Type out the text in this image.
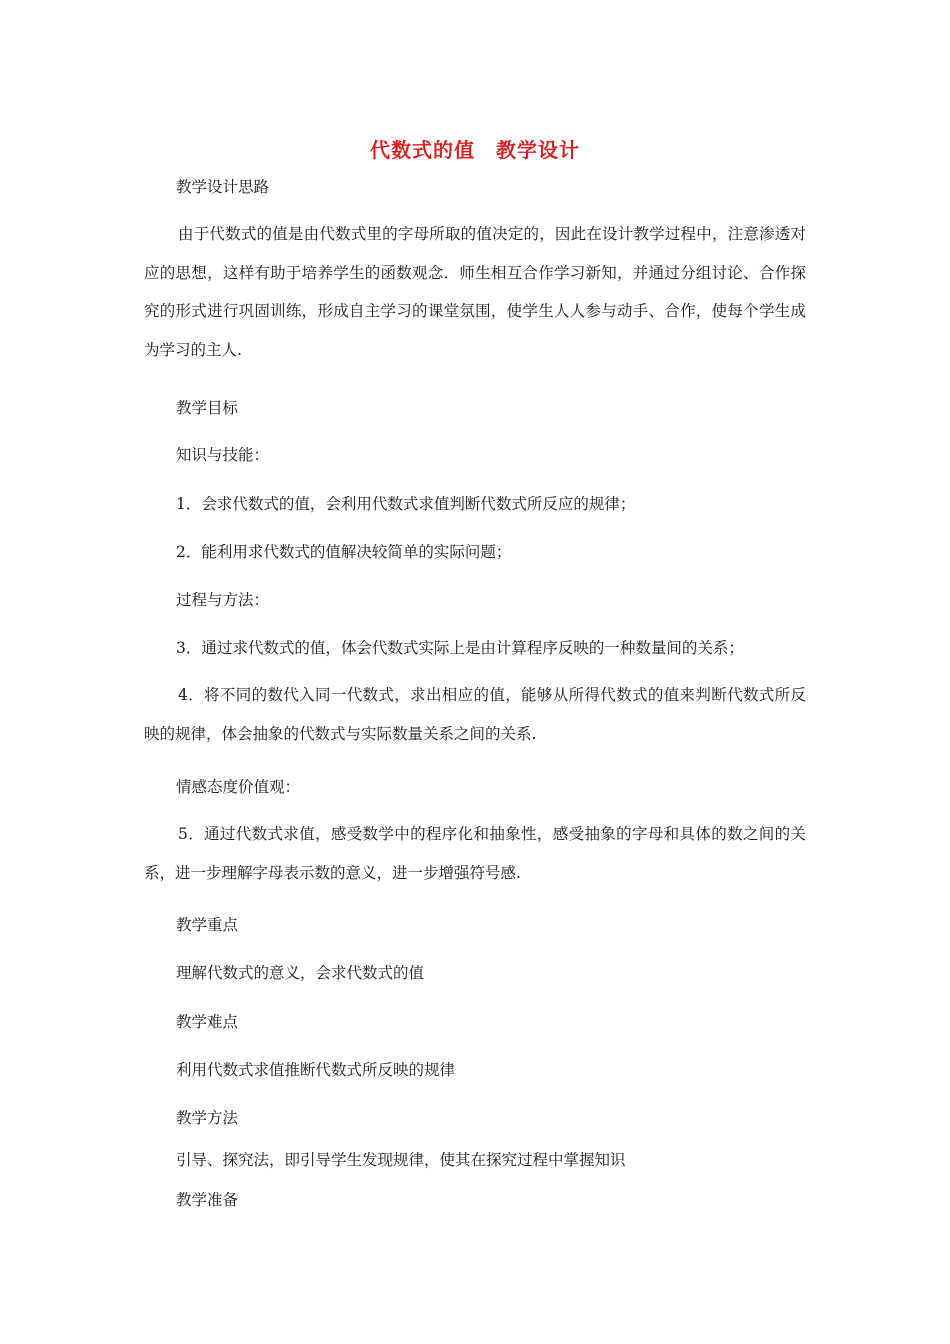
代数式的值　教学设计
教学设计思路
由于代数式的值是由代数式里的字母所取的值决定的，因此在设计教学过程中，注意渗透对应的思想，这样有助于培养学生的函数观念．师生相互合作学习新知，并通过分组讨论、合作探究的形式进行巩固训练，形成自主学习的课堂氛围，使学生人人参与动手、合作，使每个学生成为学习的主人.
教学目标
知识与技能：
1．会求代数式的值，会利用代数式求值判断代数式所反应的规律；
2．能利用求代数式的值解决较简单的实际问题；
过程与方法：
3．通过求代数式的值，体会代数式实际上是由计算程序反映的一种数量间的关系；
4．将不同的数代入同一代数式，求出相应的值，能够从所得代数式的值来判断代数式所反映的规律，体会抽象的代数式与实际数量关系之间的关系.
情感态度价值观：
5．通过代数式求值，感受数学中的程序化和抽象性，感受抽象的字母和具体的数之间的关系，进一步理解字母表示数的意义，进一步增强符号感.
教学重点
理解代数式的意义，会求代数式的值
教学难点
利用代数式求值推断代数式所反映的规律
教学方法
引导、探究法，即引导学生发现规律，使其在探究过程中掌握知识
教学准备
